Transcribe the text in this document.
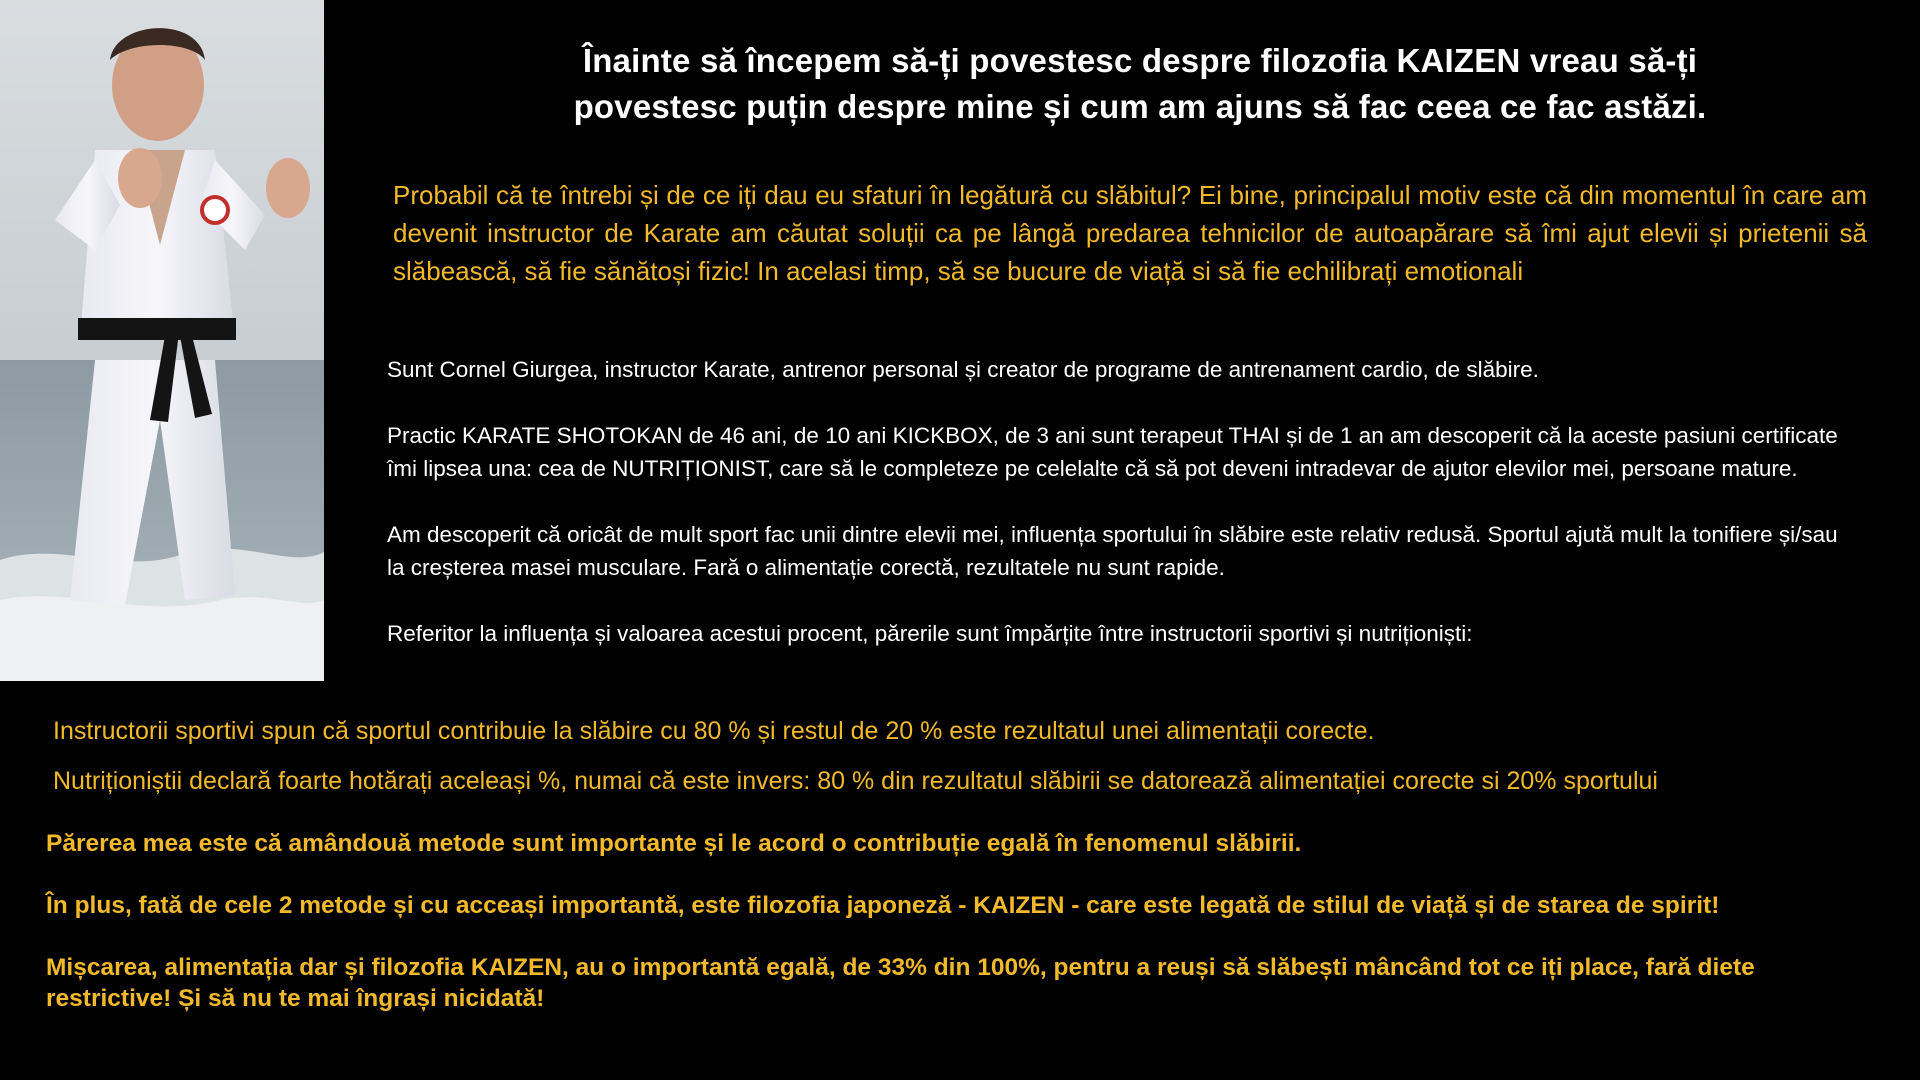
Înainte să începem să-ți povestesc despre filozofia KAIZEN vreau să-ți
povestesc puțin despre mine și cum am ajuns să fac ceea ce fac astăzi.
Probabil că te întrebi și de ce iți dau eu sfaturi în legătură cu slăbitul? Ei bine, principalul motiv este că din momentul în care am devenit instructor de Karate am căutat soluții ca pe lângă predarea tehnicilor de autoapărare să îmi ajut elevii și prietenii să slăbească, să fie sănătoși fizic! In acelasi timp, să se bucure de viață si să fie echilibrați emotionali

Sunt Cornel Giurgea, instructor Karate, antrenor personal și creator de programe de antrenament cardio, de slăbire.

Practic KARATE SHOTOKAN de 46 ani, de 10 ani KICKBOX, de 3 ani sunt terapeut THAI și de 1 an am descoperit că la aceste pasiuni certificate îmi lipsea una: cea de NUTRIȚIONIST, care să le completeze pe celelalte că să pot deveni intradevar de ajutor elevilor mei, persoane mature.

Am descoperit că oricât de mult sport fac unii dintre elevii mei, influența sportului în slăbire este relativ redusă. Sportul ajută mult la tonifiere și/sau la creșterea masei musculare. Fară o alimentație corectă, rezultatele nu sunt rapide.

Referitor la influența și valoarea acestui procent, părerile sunt împărțite între instructorii sportivi și nutriționiști:

Instructorii sportivi spun că sportul contribuie la slăbire cu 80 % și restul de 20 % este rezultatul unei alimentații corecte.

Nutriționiștii declară foarte hotărați aceleași %, numai că este invers: 80 % din rezultatul slăbirii se datorează alimentației corecte si 20% sportului

Părerea mea este că amândouă metode sunt importante și le acord o contribuție egală în fenomenul slăbirii.

În plus, fată de cele 2 metode și cu acceași importantă, este filozofia japoneză - KAIZEN - care este legată de stilul de viață și de starea de spirit!

Mișcarea, alimentația dar și filozofia KAIZEN, au o importantă egală, de 33% din 100%, pentru a reuși să slăbești mâncând tot ce iți place, fară diete restrictive! Și să nu te mai îngrași nicidată!
